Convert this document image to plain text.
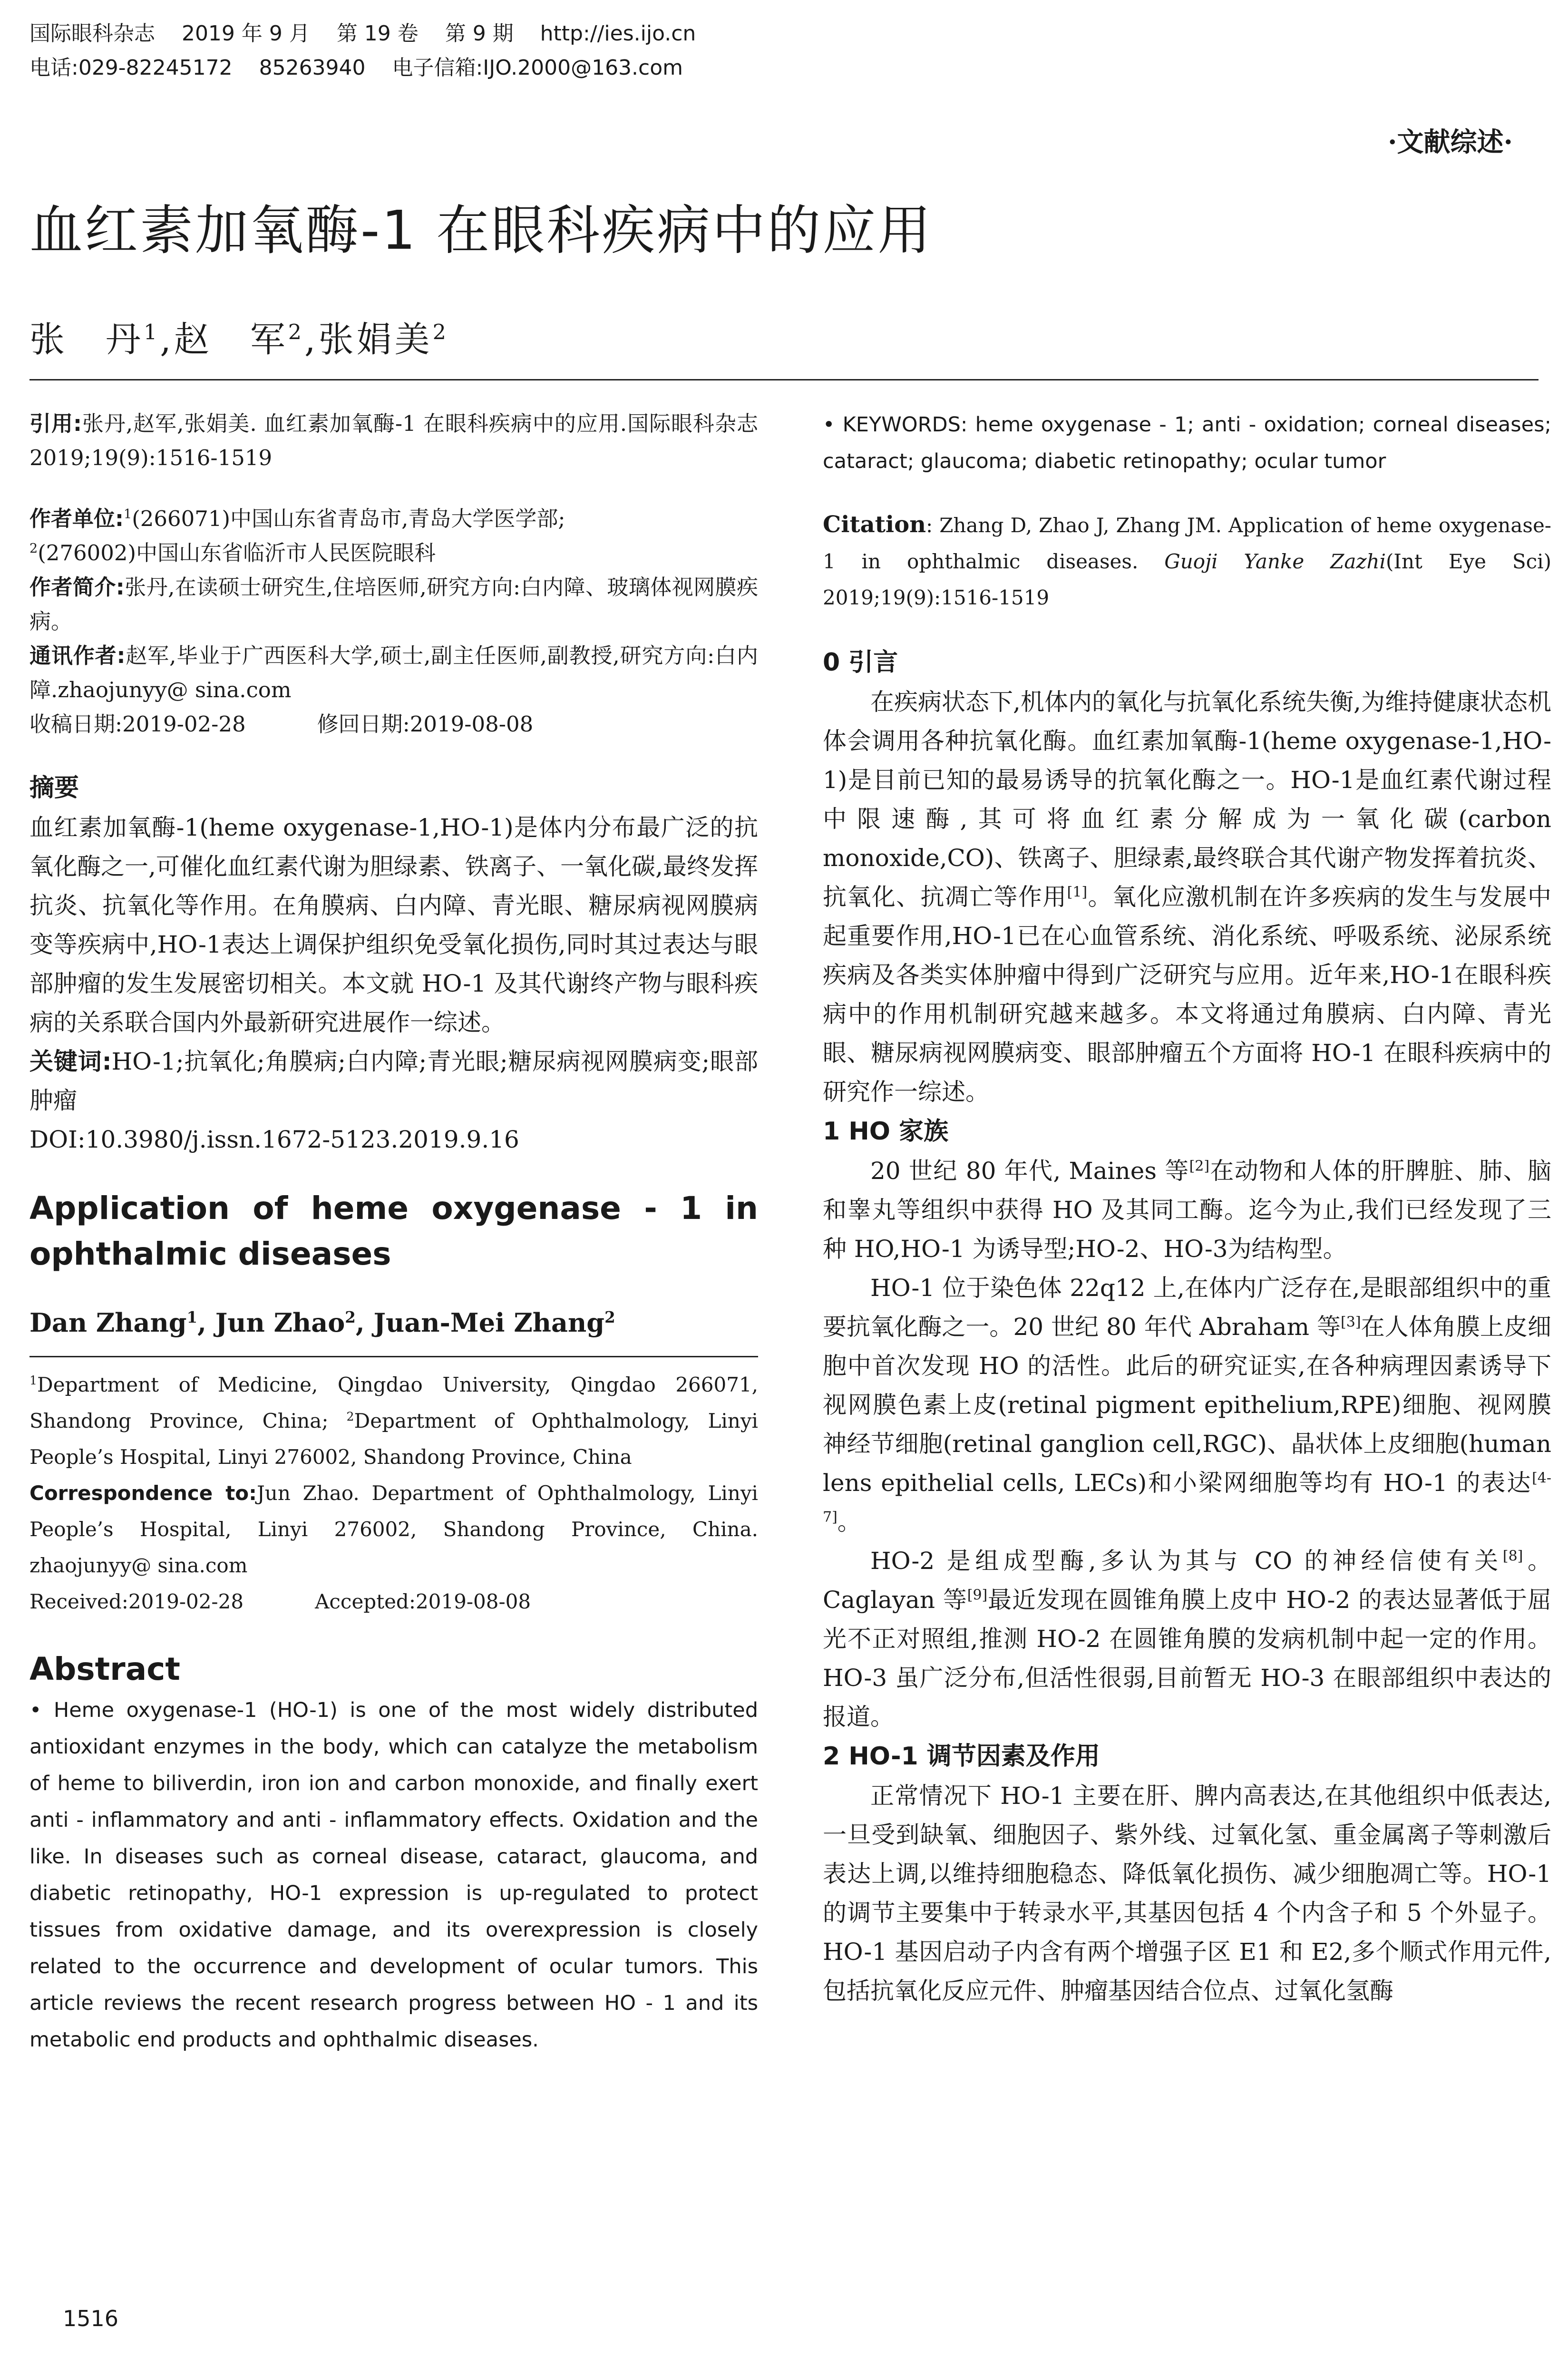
国际眼科杂志    2019 年 9 月    第 19 卷    第 9 期    http://ies.ijo.cn
电话:029-82245172    85263940    电子信箱:IJO.2000@163.com
·文献综述·
血红素加氧酶-1 在眼科疾病中的应用
张　丹$^1$,赵　军$^2$,张娟美$^2$

引用:张丹,赵军,张娟美. 血红素加氧酶-1 在眼科疾病中的应用.国际眼科杂志 2019;19(9):1516-1519

作者单位:$^1$(266071)中国山东省青岛市,青岛大学医学部;
$^2$(276002)中国山东省临沂市人民医院眼科

作者简介:张丹,在读硕士研究生,住培医师,研究方向:白内障、玻璃体视网膜疾病。

通讯作者:赵军,毕业于广西医科大学,硕士,副主任医师,副教授,研究方向:白内障.zhaojunyy@ sina.com

收稿日期:2019-02-28	修回日期:2019-08-08

摘要

血红素加氧酶-1(heme oxygenase-1,HO-1)是体内分布最广泛的抗氧化酶之一,可催化血红素代谢为胆绿素、铁离子、一氧化碳,最终发挥抗炎、抗氧化等作用。在角膜病、白内障、青光眼、糖尿病视网膜病变等疾病中,HO-1表达上调保护组织免受氧化损伤,同时其过表达与眼部肿瘤的发生发展密切相关。本文就 HO-1 及其代谢终产物与眼科疾病的关系联合国内外最新研究进展作一综述。

关键词:HO-1;抗氧化;角膜病;白内障;青光眼;糖尿病视网膜病变;眼部肿瘤

DOI:10.3980/j.issn.1672-5123.2019.9.16

Application of heme oxygenase - 1 in ophthalmic diseases

Dan Zhang$^1$, Jun Zhao$^2$, Juan-Mei Zhang$^2$

$^1$Department of Medicine, Qingdao University, Qingdao 266071, Shandong Province, China; $^2$Department of Ophthalmology, Linyi People’s Hospital, Linyi 276002, Shandong Province, China

Correspondence to:Jun Zhao. Department of Ophthalmology, Linyi People’s Hospital, Linyi 276002, Shandong Province, China. zhaojunyy@ sina.com

Received:2019-02-28	Accepted:2019-08-08

Abstract

• Heme oxygenase-1 (HO-1) is one of the most widely distributed antioxidant enzymes in the body, which can catalyze the metabolism of heme to biliverdin, iron ion and carbon monoxide, and finally exert anti - inflammatory and anti - inflammatory effects. Oxidation and the like. In diseases such as corneal disease, cataract, glaucoma, and diabetic retinopathy, HO-1 expression is up-regulated to protect tissues from oxidative damage, and its overexpression is closely related to the occurrence and development of ocular tumors. This article reviews the recent research progress between HO - 1 and its metabolic end products and ophthalmic diseases.

• KEYWORDS: heme oxygenase - 1; anti - oxidation; corneal diseases; cataract; glaucoma; diabetic retinopathy; ocular tumor

Citation: Zhang D, Zhao J, Zhang JM. Application of heme oxygenase-1 in ophthalmic diseases. Guoji Yanke Zazhi(Int Eye Sci) 2019;19(9):1516-1519

0 引言

在疾病状态下,机体内的氧化与抗氧化系统失衡,为维持健康状态机体会调用各种抗氧化酶。血红素加氧酶-1(heme oxygenase-1,HO-1)是目前已知的最易诱导的抗氧化酶之一。HO-1是血红素代谢过程中限速酶,其可将血红素分解成为一氧化碳(carbon monoxide,CO)、铁离子、胆绿素,最终联合其代谢产物发挥着抗炎、抗氧化、抗凋亡等作用[1]。氧化应激机制在许多疾病的发生与发展中起重要作用,HO-1已在心血管系统、消化系统、呼吸系统、泌尿系统疾病及各类实体肿瘤中得到广泛研究与应用。近年来,HO-1在眼科疾病中的作用机制研究越来越多。本文将通过角膜病、白内障、青光眼、糖尿病视网膜病变、眼部肿瘤五个方面将 HO-1 在眼科疾病中的研究作一综述。

1 HO 家族

20 世纪 80 年代, Maines 等[2]在动物和人体的肝脾脏、肺、脑和睾丸等组织中获得 HO 及其同工酶。迄今为止,我们已经发现了三种 HO,HO-1 为诱导型;HO-2、HO-3为结构型。

HO-1 位于染色体 22q12 上,在体内广泛存在,是眼部组织中的重要抗氧化酶之一。20 世纪 80 年代 Abraham 等[3]在人体角膜上皮细胞中首次发现 HO 的活性。此后的研究证实,在各种病理因素诱导下视网膜色素上皮(retinal pigment epithelium,RPE)细胞、视网膜神经节细胞(retinal ganglion cell,RGC)、晶状体上皮细胞(human lens epithelial cells, LECs)和小梁网细胞等均有 HO-1 的表达[4-7]。

HO-2 是组成型酶,多认为其与 CO 的神经信使有关[8]。Caglayan 等[9]最近发现在圆锥角膜上皮中 HO-2 的表达显著低于屈光不正对照组,推测 HO-2 在圆锥角膜的发病机制中起一定的作用。HO-3 虽广泛分布,但活性很弱,目前暂无 HO-3 在眼部组织中表达的报道。

2 HO-1 调节因素及作用

正常情况下 HO-1 主要在肝、脾内高表达,在其他组织中低表达,一旦受到缺氧、细胞因子、紫外线、过氧化氢、重金属离子等刺激后表达上调,以维持细胞稳态、降低氧化损伤、减少细胞凋亡等。HO-1 的调节主要集中于转录水平,其基因包括 4 个内含子和 5 个外显子。HO-1 基因启动子内含有两个增强子区 E1 和 E2,多个顺式作用元件,包括抗氧化反应元件、肿瘤基因结合位点、过氧化氢酶

1516
